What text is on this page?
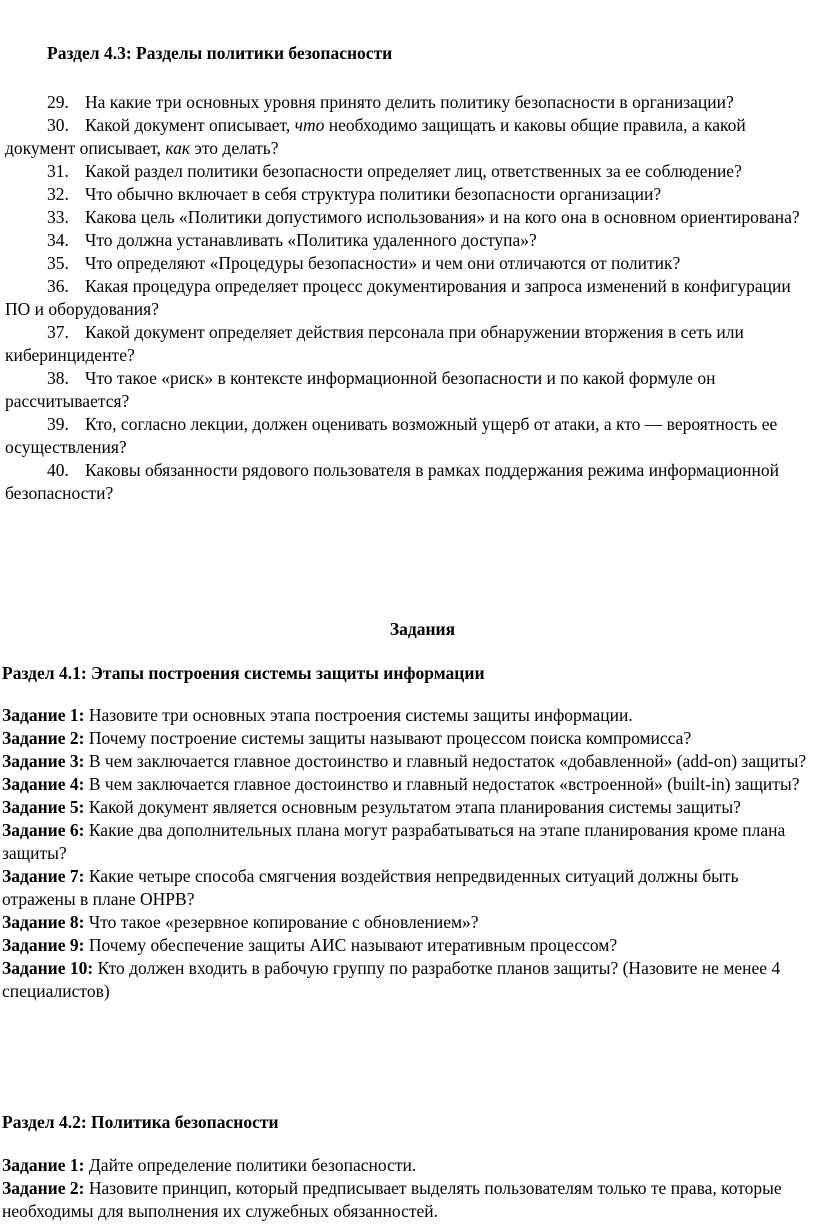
Раздел 4.3: Разделы политики безопасности

29. На какие три основных уровня принято делить политику безопасности в организации?

30. Какой документ описывает, что необходимо защищать и каковы общие правила, а какой документ описывает, как это делать?

31. Какой раздел политики безопасности определяет лиц, ответственных за ее соблюдение?

32. Что обычно включает в себя структура политики безопасности организации?

33. Какова цель «Политики допустимого использования» и на кого она в основном ориентирована?

34. Что должна устанавливать «Политика удаленного доступа»?

35. Что определяют «Процедуры безопасности» и чем они отличаются от политик?

36. Какая процедура определяет процесс документирования и запроса изменений в конфигурации ПО и оборудования?

37. Какой документ определяет действия персонала при обнаружении вторжения в сеть или киберинциденте?

38. Что такое «риск» в контексте информационной безопасности и по какой формуле он рассчитывается?

39. Кто, согласно лекции, должен оценивать возможный ущерб от атаки, а кто — вероятность ее осуществления?

40. Каковы обязанности рядового пользователя в рамках поддержания режима информационной безопасности?

Задания
Раздел 4.1: Этапы построения системы защиты информации

Задание 1: Назовите три основных этапа построения системы защиты информации.

Задание 2: Почему построение системы защиты называют процессом поиска компромисса?

Задание 3: В чем заключается главное достоинство и главный недостаток «добавленной» (add-on) защиты?

Задание 4: В чем заключается главное достоинство и главный недостаток «встроенной» (built-in) защиты?

Задание 5: Какой документ является основным результатом этапа планирования системы защиты?

Задание 6: Какие два дополнительных плана могут разрабатываться на этапе планирования кроме плана защиты?

Задание 7: Какие четыре способа смягчения воздействия непредвиденных ситуаций должны быть отражены в плане ОНРВ?

Задание 8: Что такое «резервное копирование с обновлением»?

Задание 9: Почему обеспечение защиты АИС называют итеративным процессом?

Задание 10: Кто должен входить в рабочую группу по разработке планов защиты? (Назовите не менее 4 специалистов)

Раздел 4.2: Политика безопасности

Задание 1: Дайте определение политики безопасности.

Задание 2: Назовите принцип, который предписывает выделять пользователям только те права, которые необходимы для выполнения их служебных обязанностей.
